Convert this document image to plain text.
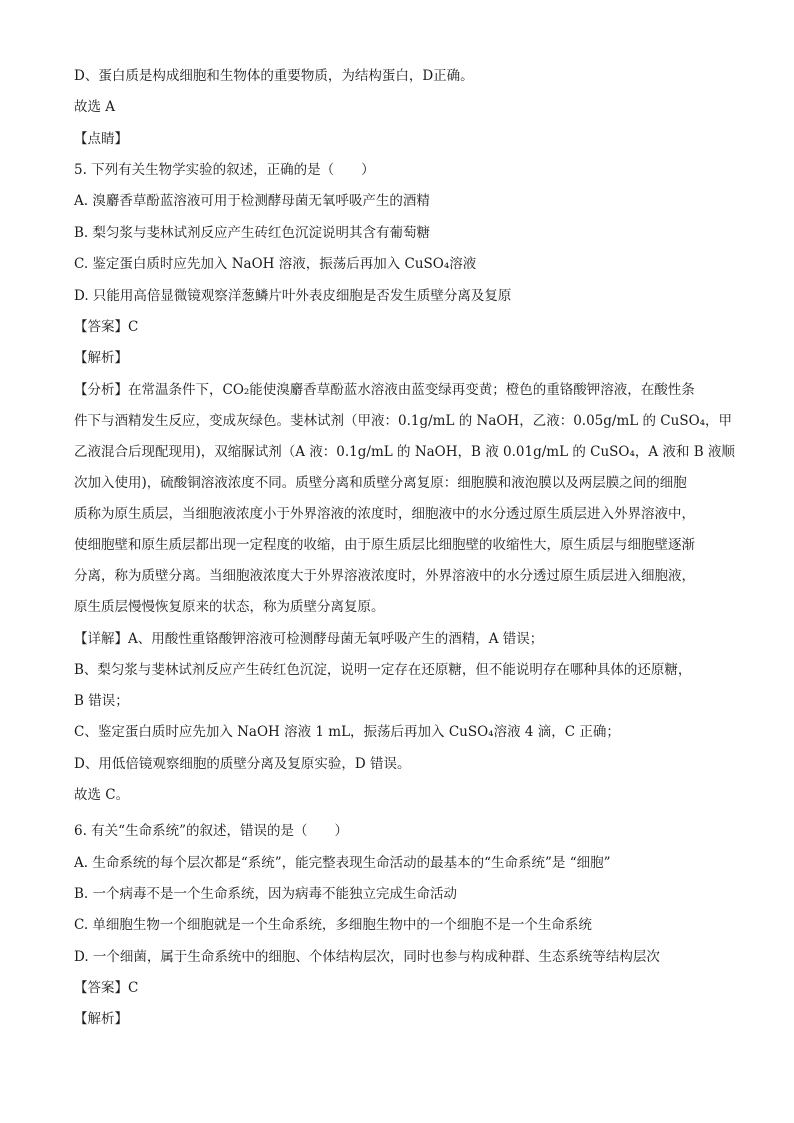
D、蛋白质是构成细胞和生物体的重要物质，为结构蛋白，D正确。
故选 A
【点睛】
5. 下列有关生物学实验的叙述，正确的是（　　）
A. 溴麝香草酚蓝溶液可用于检测酵母菌无氧呼吸产生的酒精
B. 梨匀浆与斐林试剂反应产生砖红色沉淀说明其含有葡萄糖
C. 鉴定蛋白质时应先加入 NaOH 溶液，振荡后再加入 CuSO₄溶液
D. 只能用高倍显微镜观察洋葱鳞片叶外表皮细胞是否发生质壁分离及复原
【答案】C
【解析】
【分析】在常温条件下，CO₂能使溴麝香草酚蓝水溶液由蓝变绿再变黄；橙色的重铬酸钾溶液，在酸性条
件下与酒精发生反应，变成灰绿色。斐林试剂（甲液：0.1g/mL 的 NaOH，乙液：0.05g/mL 的 CuSO₄，甲
乙液混合后现配现用)，双缩脲试剂（A 液：0.1g/mL 的 NaOH，B 液 0.01g/mL 的 CuSO₄，A 液和 B 液顺
次加入使用)，硫酸铜溶液浓度不同。质壁分离和质壁分离复原：细胞膜和液泡膜以及两层膜之间的细胞
质称为原生质层，当细胞液浓度小于外界溶液的浓度时，细胞液中的水分透过原生质层进入外界溶液中，
使细胞壁和原生质层都出现一定程度的收缩，由于原生质层比细胞壁的收缩性大，原生质层与细胞壁逐渐
分离，称为质壁分离。当细胞液浓度大于外界溶液浓度时，外界溶液中的水分透过原生质层进入细胞液，
原生质层慢慢恢复原来的状态，称为质壁分离复原。
【详解】A、用酸性重铬酸钾溶液可检测酵母菌无氧呼吸产生的酒精，A 错误；
B、梨匀浆与斐林试剂反应产生砖红色沉淀，说明一定存在还原糖，但不能说明存在哪种具体的还原糖，
B 错误；
C、鉴定蛋白质时应先加入 NaOH 溶液 1 mL，振荡后再加入 CuSO₄溶液 4 滴，C 正确；
D、用低倍镜观察细胞的质壁分离及复原实验，D 错误。
故选 C。
6. 有关“生命系统”的叙述，错误的是（　　）
A. 生命系统的每个层次都是“系统”，能完整表现生命活动的最基本的“生命系统”是 “细胞”
B. 一个病毒不是一个生命系统，因为病毒不能独立完成生命活动
C. 单细胞生物一个细胞就是一个生命系统，多细胞生物中的一个细胞不是一个生命系统
D. 一个细菌，属于生命系统中的细胞、个体结构层次，同时也参与构成种群、生态系统等结构层次
【答案】C
【解析】
